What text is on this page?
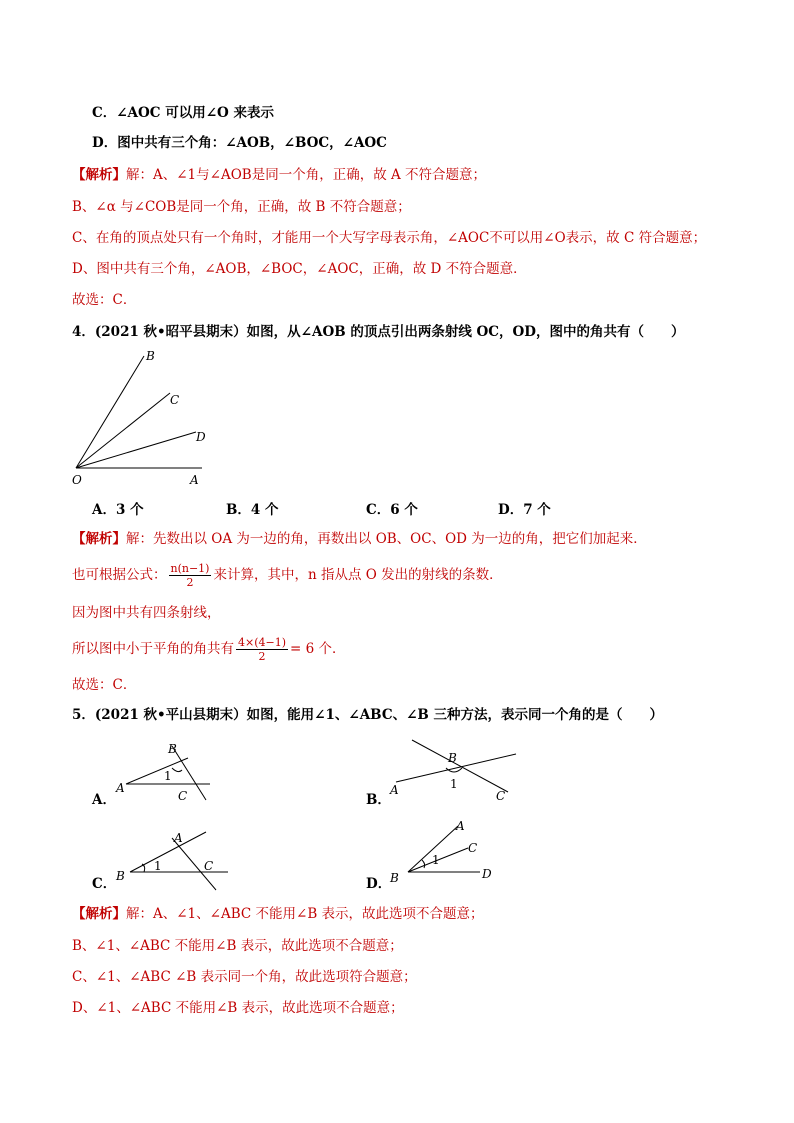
C．∠AOC 可以用∠O 来表示
D．图中共有三个角：∠AOB，∠BOC，∠AOC
【解析】解：A、∠1与∠AOB是同一个角，正确，故 A 不符合题意；
B、∠α 与∠COB是同一个角，正确，故 B 不符合题意；
C、在角的顶点处只有一个角时，才能用一个大写字母表示角，∠AOC不可以用∠O表示，故 C 符合题意；
D、图中共有三个角，∠AOB，∠BOC，∠AOC，正确，故 D 不符合题意．
故选：C．
4．(2021 秋•昭平县期末）如图，从∠AOB 的顶点引出两条射线 OC，OD，图中的角共有（　　）
B
C
D
O	A
A．3 个	B．4 个	C．6 个	D．7 个
【解析】解：先数出以 OA 为一边的角，再数出以 OB、OC、OD 为一边的角，把它们加起来．
也可根据公式： $\frac{n(n-1)}{2}$ 来计算，其中，n 指从点 O 发出的射线的条数．
因为图中共有四条射线，
所以图中小于平角的角共有 $\frac{4\times(4-1)}{2} = 6$ 个．
故选：C．
5．(2021 秋•平山县期末）如图，能用∠1、∠ABC、∠B 三种方法，表示同一个角的是（　　）
A．
B
A
C
1
B．
B
A	C
1
C．
A
B
C
1
D．
A
B
C
D
1
【解析】解：A、∠1、∠ABC 不能用∠B 表示，故此选项不合题意；
B、∠1、∠ABC 不能用∠B 表示，故此选项不合题意；
C、∠1、∠ABC ∠B 表示同一个角，故此选项符合题意；
D、∠1、∠ABC 不能用∠B 表示，故此选项不合题意；
